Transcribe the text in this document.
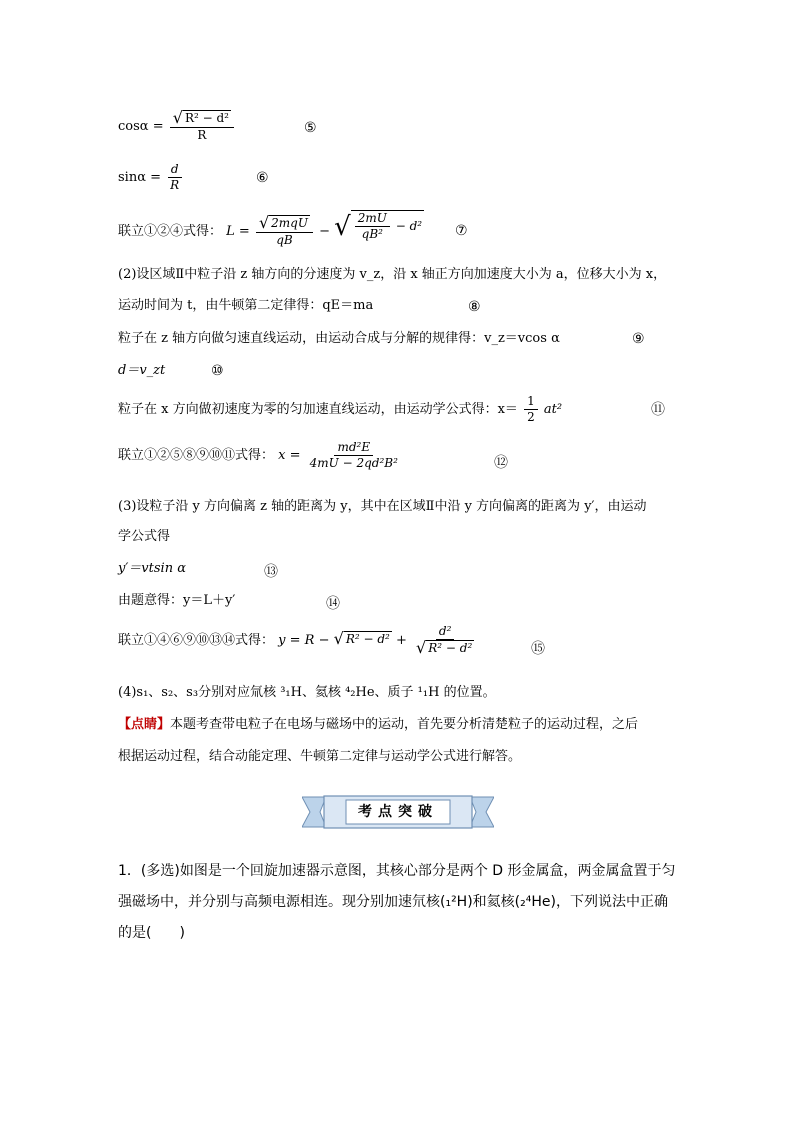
$\cos\alpha = \frac{\text{√ R² − d²}}{R}$	⑤
$\sin\alpha = \frac{d}{R}$	⑥
联立①②④式得： $L = \frac{\text{√ 2mqU}}{qB}$ − √ $\frac{2mU}{\text{qB²}} - d^2$ ⑦
(2)设区域Ⅱ中粒子沿 z 轴方向的分速度为 v_z，沿 x 轴正方向加速度大小为 a，位移大小为 x，
运动时间为 t，由牛顿第二定律得：qE＝ma	⑧
粒子在 z 轴方向做匀速直线运动，由运动合成与分解的规律得：v_z＝vcos α	⑨
d＝v_zt	⑩
粒子在 x 方向做初速度为零的匀加速直线运动，由运动学公式得：$x= \frac{1}{2} at^2$	⑪
联立①②⑤⑧⑨⑩⑪式得： $x = \frac{\text{md²E}}{\text{4mU − 2qd²B²}}$	⑫
(3)设粒子沿 y 方向偏离 z 轴的距离为 y，其中在区域Ⅱ中沿 y 方向偏离的距离为 y′，由运动
学公式得
y′＝vtsin α	⑬
由题意得：y＝L＋y′	⑭
联立①④⑥⑨⑩⑬⑭式得： y = R − √ $R^2 - d^2 + \frac{\text{d²}}{\text{√ R² − d²}}$	⑮
(4)s₁、s₂、s₃分别对应氚核 ³₁H、氦核 ⁴₂He、质子 ¹₁H 的位置。
【点睛】本题考查带电粒子在电场与磁场中的运动，首先要分析清楚粒子的运动过程，之后
根据运动过程，结合动能定理、牛顿第二定律与运动学公式进行解答。
考点突破
1．(多选)如图是一个回旋加速器示意图，其核心部分是两个 D 形金属盒，两金属盒置于匀强磁场中，并分别与高频电源相连。现分别加速氘核(₁²H)和氦核(₂⁴He)，下列说法中正确的是(　　)
